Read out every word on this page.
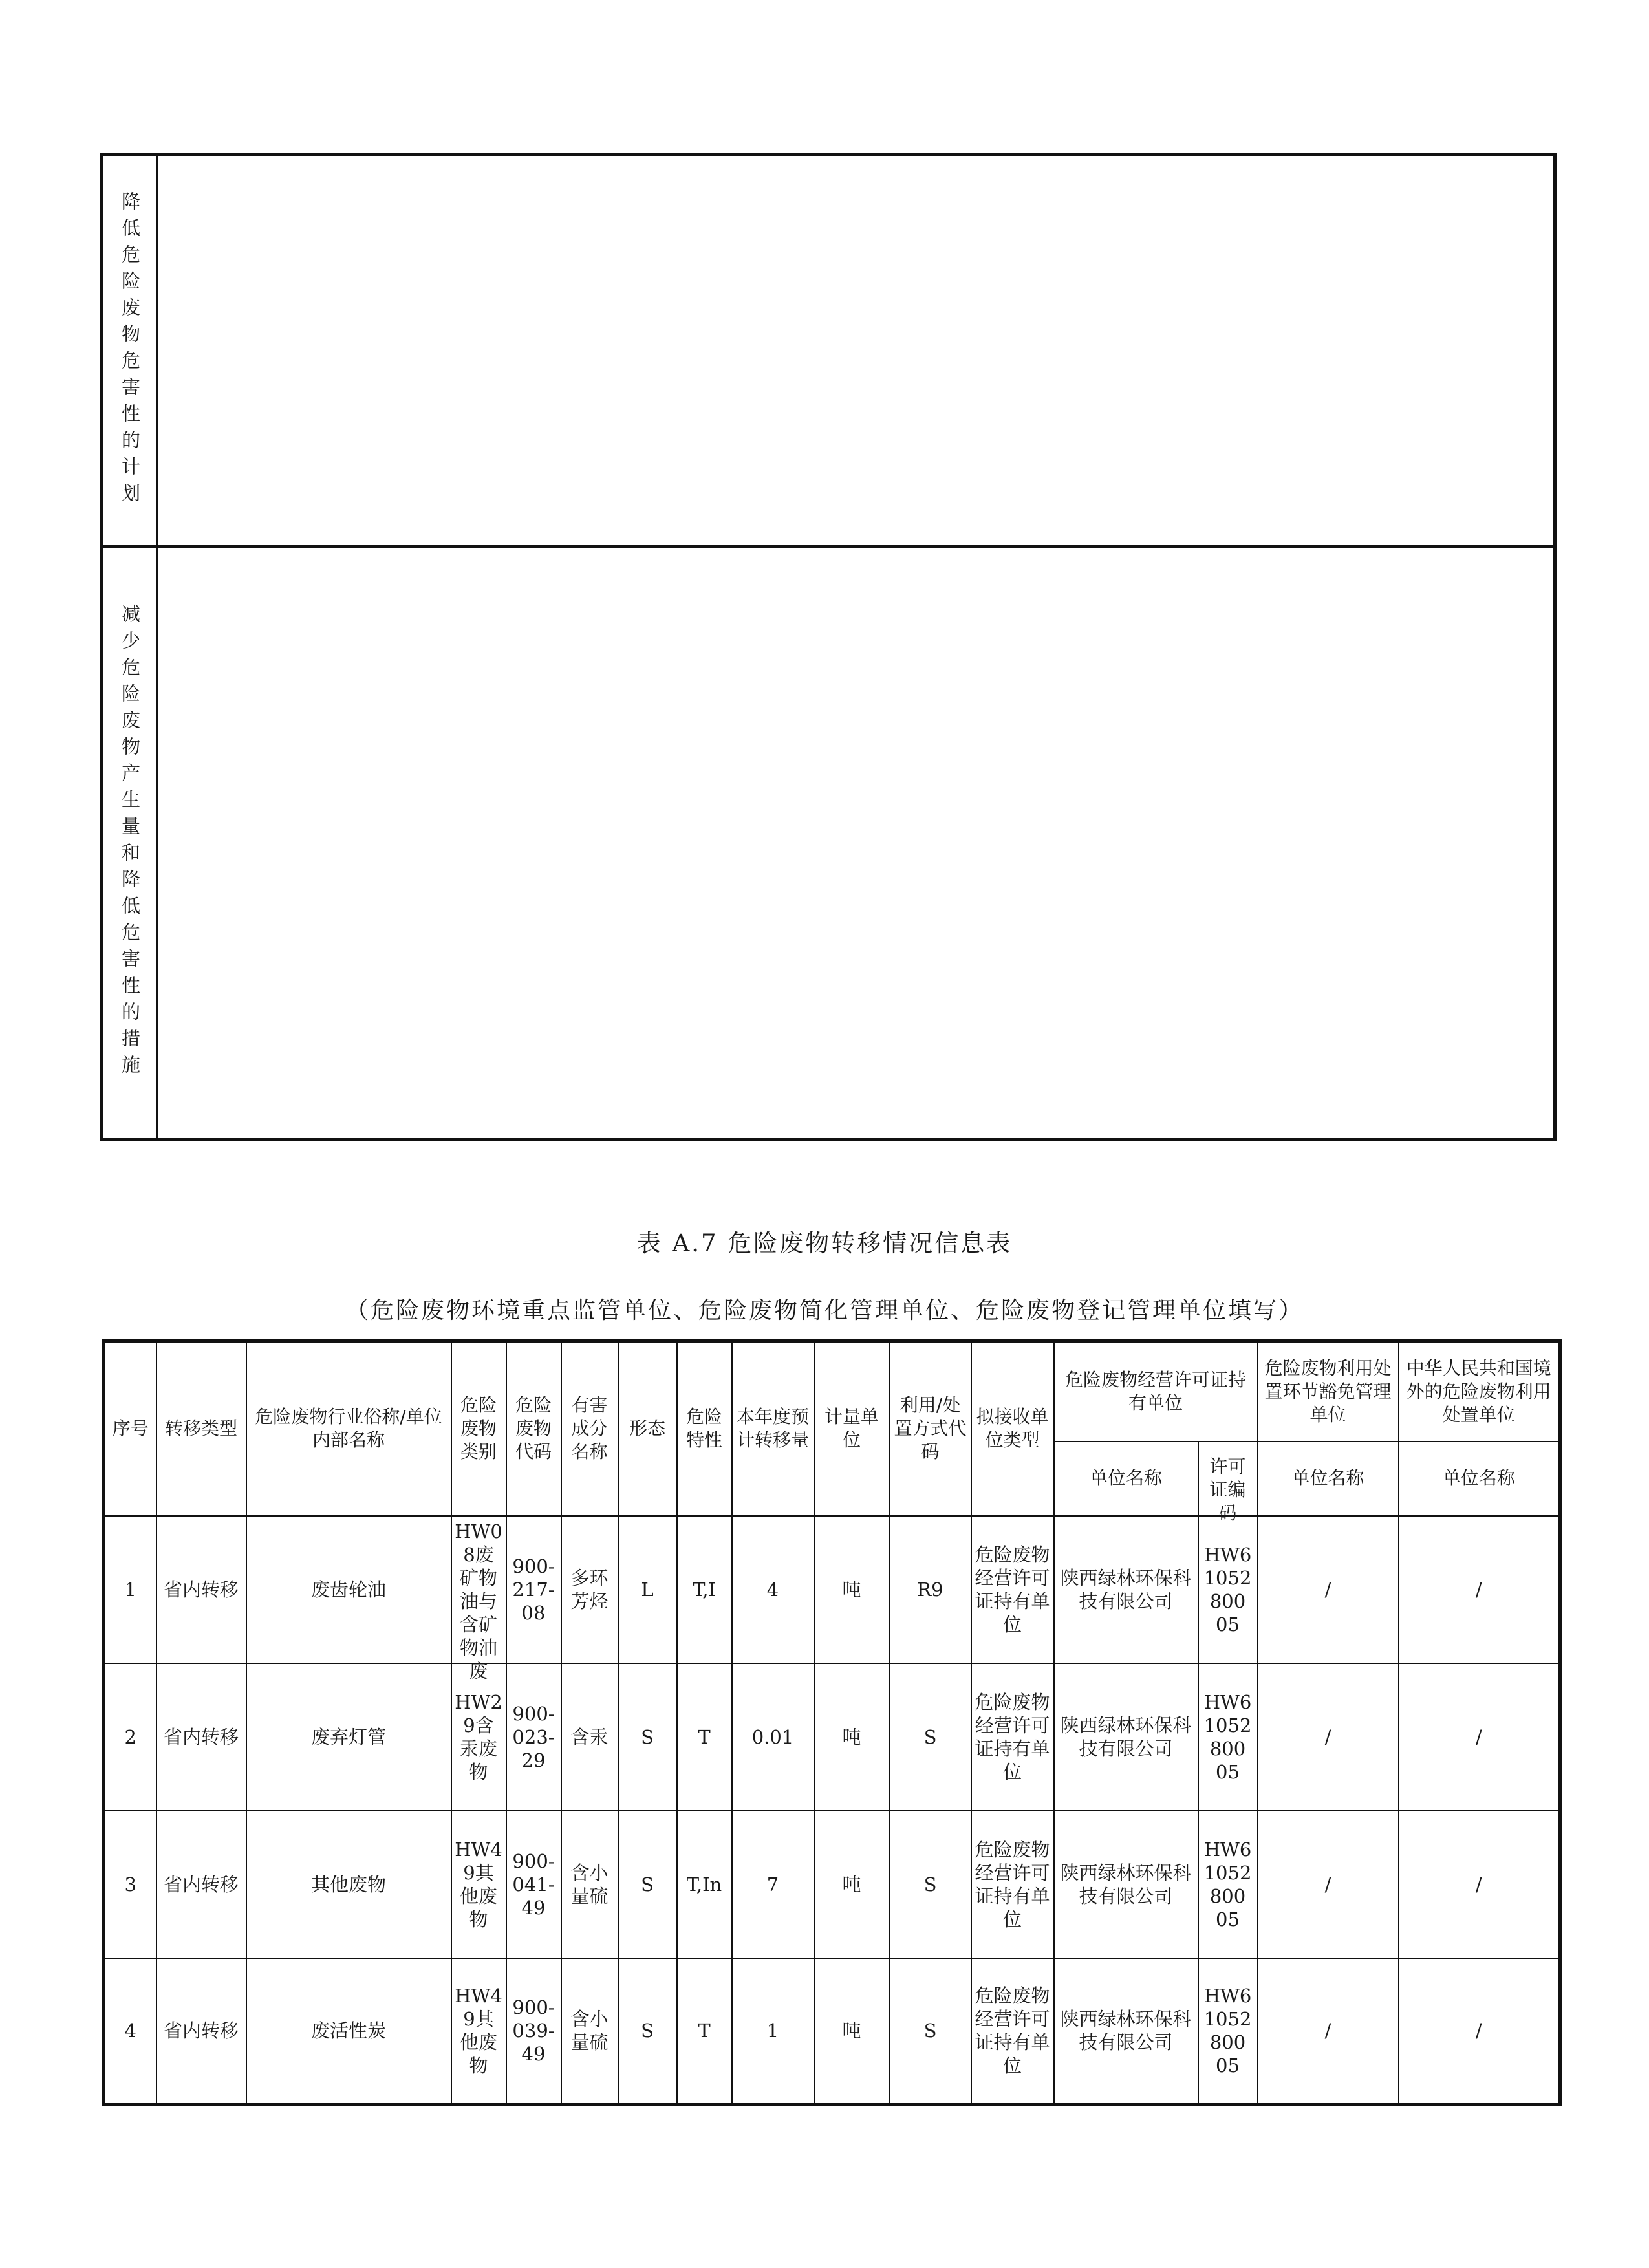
降低危险废物危害性的计划
减少危险废物产生量和降低危害性的措施
表 A.7 危险废物转移情况信息表
（危险废物环境重点监管单位、危险废物简化管理单位、危险废物登记管理单位填写）
序号	转移类型	危险废物行业俗称/单位内部名称	危险废物类别	危险废物代码	有害成分名称	形态	危险特性	本年度预计转移量	计量单位	利用/处置方式代码	拟接收单位类型	危险废物经营许可证持有单位		危险废物利用处置环节豁免管理单位	中华人民共和国境外的危险废物利用处置单位

												单位名称	许可证编码	单位名称	单位名称
1	省内转移	废齿轮油	HW08废矿物油与含矿物油废	900-217-08	多环芳烃	L	T,I	4	吨	R9	危险废物经营许可证持有单位	陕西绿林环保科技有限公司	HW61052800 05	/	/
2	省内转移	废弃灯管	HW29含汞废物	900-023-29	含汞	S	T	0.01	吨	S	危险废物经营许可证持有单位	陕西绿林环保科技有限公司	HW61052800 05	/	/
3	省内转移	其他废物	HW49其他废物	900-041-49	含小量硫	S	T,In	7	吨	S	危险废物经营许可证持有单位	陕西绿林环保科技有限公司	HW61052800 05	/	/
4	省内转移	废活性炭	HW49其他废物	900-039-49	含小量硫	S	T	1	吨	S	危险废物经营许可证持有单位	陕西绿林环保科技有限公司	HW61052800 05	/	/
